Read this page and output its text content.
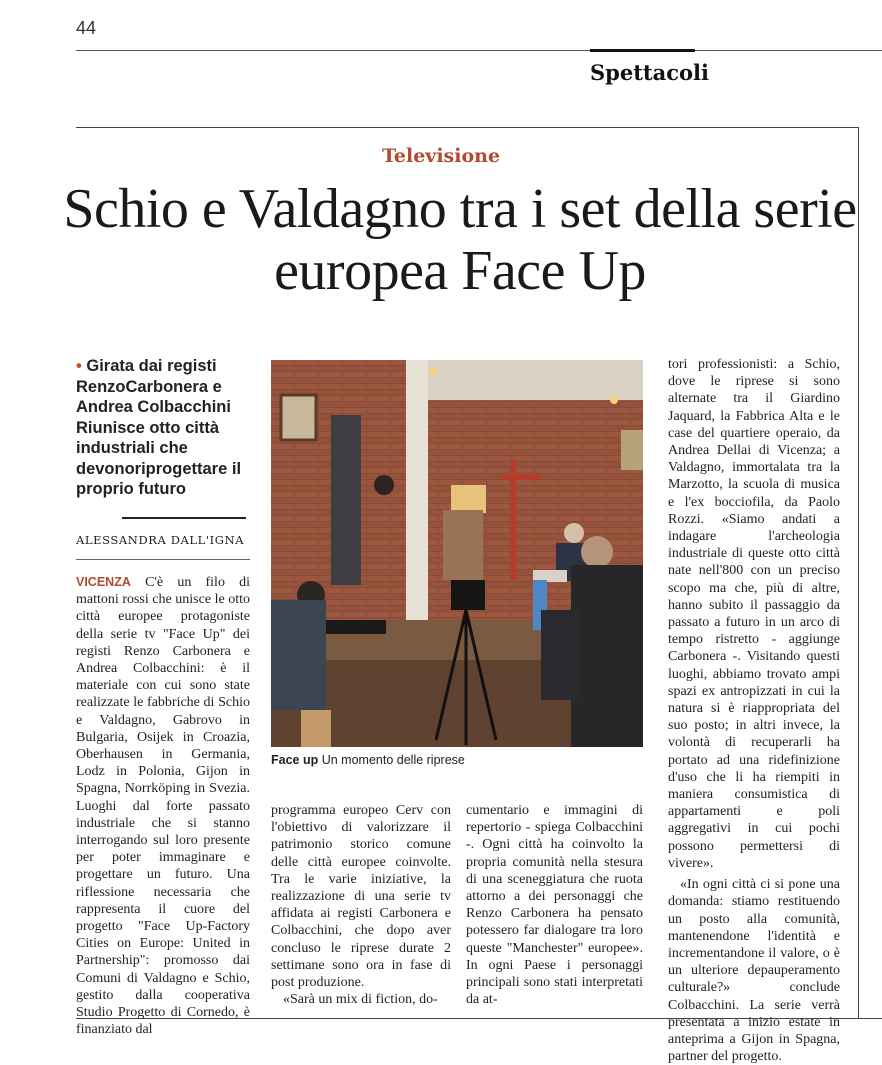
44
Spettacoli
Televisione
Schio e Valdagno tra i set della serie europea Face Up
• Girata dai registi RenzoCarbonera e Andrea Colbacchini Riunisce otto città industriali che devonoriprogettare il proprio futuro
ALESSANDRA DALL'IGNA
VICENZA C'è un filo di mattoni rossi che unisce le otto città europee protagoniste della serie tv "Face Up" dei registi Renzo Carbonera e Andrea Colbacchini: è il materiale con cui sono state realizzate le fabbriche di Schio e Valdagno, Gabrovo in Bulgaria, Osijek in Croazia, Oberhausen in Germania, Lodz in Polonia, Gijon in Spagna, Norrköping in Svezia. Luoghi dal forte passato industriale che si stanno interrogando sul loro presente per poter immaginare e progettare un futuro. Una riflessione necessaria che rappresenta il cuore del progetto "Face Up-Factory Cities on Europe: United in Partnership": promosso dai Comuni di Valdagno e Schio, gestito dalla cooperativa Studio Progetto di Cornedo, è finanziato dal
Face up Un momento delle riprese

programma europeo Cerv con l'obiettivo di valorizzare il patrimonio storico comune delle città europee coinvolte. Tra le varie iniziative, la realizzazione di una serie tv affidata ai registi Carbonera e Colbacchini, che dopo aver concluso le riprese durate 2 settimane sono ora in fase di post produzione.

«Sarà un mix di fiction, do-

cumentario e immagini di repertorio - spiega Colbacchini -. Ogni città ha coinvolto la propria comunità nella stesura di una sceneggiatura che ruota attorno a dei personaggi che Renzo Carbonera ha pensato potessero far dialogare tra loro queste "Manchester" europee». In ogni Paese i personaggi principali sono stati interpretati da at-

tori professionisti: a Schio, dove le riprese si sono alternate tra il Giardino Jaquard, la Fabbrica Alta e le case del quartiere operaio, da Andrea Dellai di Vicenza; a Valdagno, immortalata tra la Marzotto, la scuola di musica e l'ex bocciofila, da Paolo Rozzi. «Siamo andati a indagare l'archeologia industriale di queste otto città nate nell'800 con un preciso scopo ma che, più di altre, hanno subito il passaggio da passato a futuro in un arco di tempo ristretto - aggiunge Carbonera -. Visitando questi luoghi, abbiamo trovato ampi spazi ex antropizzati in cui la natura si è riappropriata del suo posto; in altri invece, la volontà di recuperarli ha portato ad una ridefinizione d'uso che li ha riempiti in maniera consumistica di appartamenti e poli aggregativi in cui pochi possono permettersi di vivere».

«In ogni città ci si pone una domanda: stiamo restituendo un posto alla comunità, mantenendone l'identità e incrementandone il valore, o è un ulteriore depauperamento culturale?» conclude Colbacchini. La serie verrà presentata a inizio estate in anteprima a Gijon in Spagna, partner del progetto.
